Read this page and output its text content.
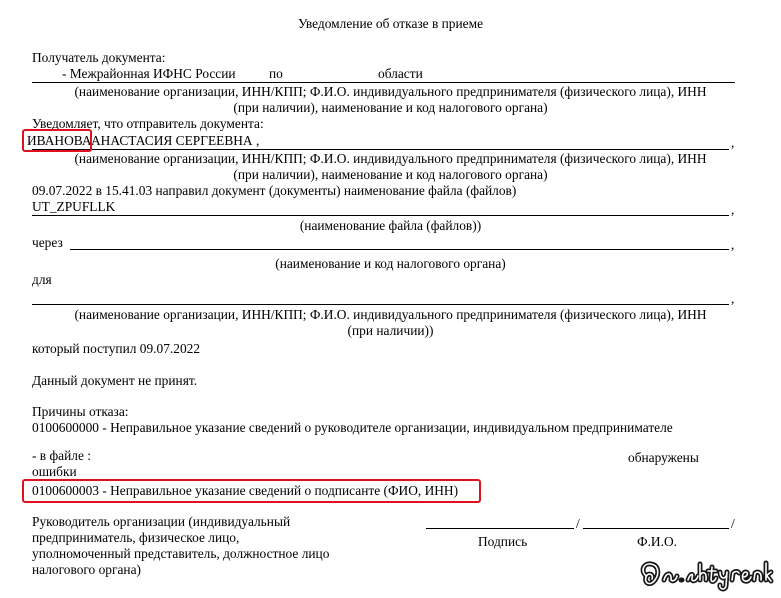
Уведомление об отказе в приеме
Получатель документа:
- Межрайонная ИФНС России по	области
(наименование организации, ИНН/КПП; Ф.И.О. индивидуального предпринимателя (физического лица), ИНН
(при наличии), наименование и код налогового органа)
Уведомляет, что отправитель документа:
ИВАНОВА АНАСТАСИЯ СЕРГЕЕВНА ,	,
(наименование организации, ИНН/КПП; Ф.И.О. индивидуального предпринимателя (физического лица), ИНН
(при наличии), наименование и код налогового органа)
09.07.2022 в 15.41.03 направил документ (документы) наименование файла (файлов)
UT_ZPUFLLK	,
(наименование файла (файлов))
через	,
(наименование и код налогового органа)
для
,
(наименование организации, ИНН/КПП; Ф.И.О. индивидуального предпринимателя (физического лица), ИНН
(при наличии))
который поступил 09.07.2022
Данный документ не принят.
Причины отказа:
0100600000 - Неправильное указание сведений о руководителе организации, индивидуальном предпринимателе
- в файле :	обнаружены
ошибки
0100600003 - Неправильное указание сведений о подписанте (ФИО, ИНН)
Руководитель организации (индивидуальный
предприниматель, физическое лицо,
уполномоченный представитель, должностное лицо
налогового органа)
/	/
Подпись	Ф.И.О.
